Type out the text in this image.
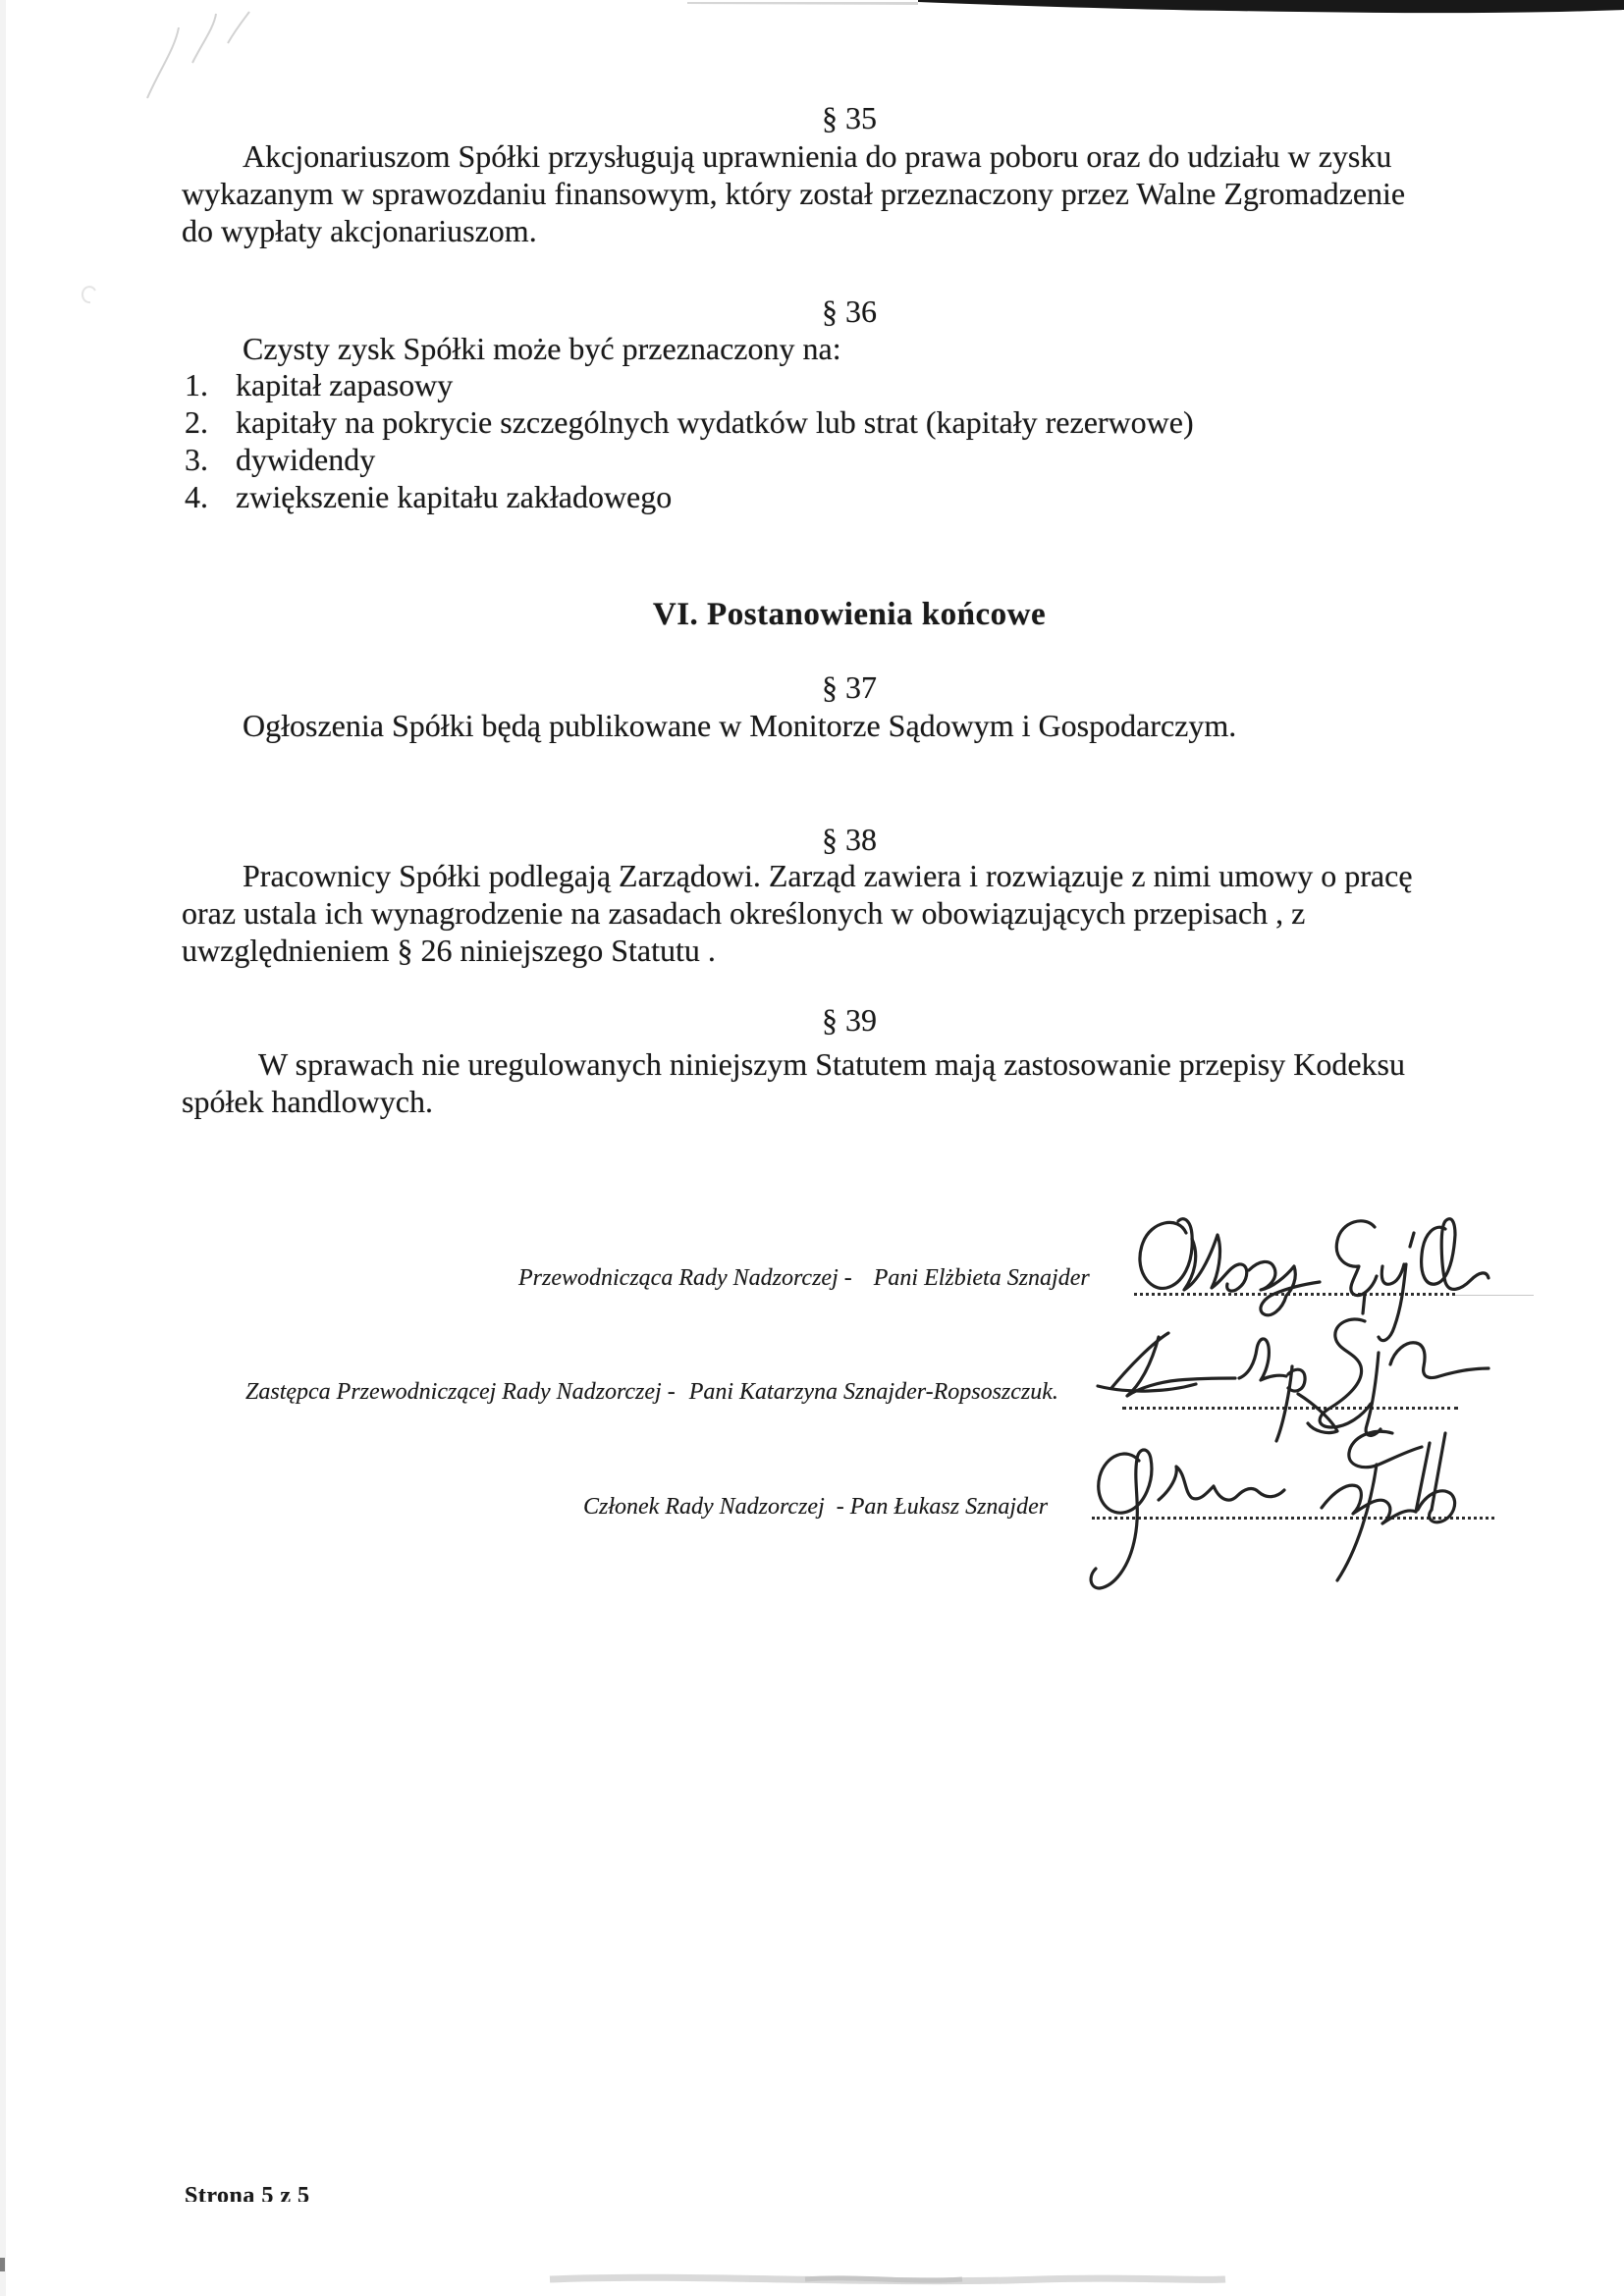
§ 35
Akcjonariuszom Spółki przysługują uprawnienia do prawa poboru oraz do udziału w zysku
wykazanym w sprawozdaniu finansowym, który został przeznaczony przez Walne Zgromadzenie
do wypłaty akcjonariuszom.
§ 36
Czysty zysk Spółki może być przeznaczony na:
1. kapitał zapasowy
2. kapitały na pokrycie szczególnych wydatków lub strat (kapitały rezerwowe)
3. dywidendy
4. zwiększenie kapitału zakładowego
VI. Postanowienia końcowe
§ 37
Ogłoszenia Spółki będą publikowane w Monitorze Sądowym i Gospodarczym.
§ 38
Pracownicy Spółki podlegają Zarządowi. Zarząd zawiera i rozwiązuje z nimi umowy o pracę
oraz ustala ich wynagrodzenie na zasadach określonych w obowiązujących przepisach , z
uwzględnieniem § 26 niniejszego Statutu .
§ 39
W sprawach nie uregulowanych niniejszym Statutem mają zastosowanie przepisy Kodeksu
spółek handlowych.
Przewodnicząca Rady Nadzorczej - Pani Elżbieta Sznajder
Zastępca Przewodniczącej Rady Nadzorczej - Pani Katarzyna Sznajder-Ropsoszczuk.
Członek Rady Nadzorczej - Pan Łukasz Sznajder
Strona 5 z 5
